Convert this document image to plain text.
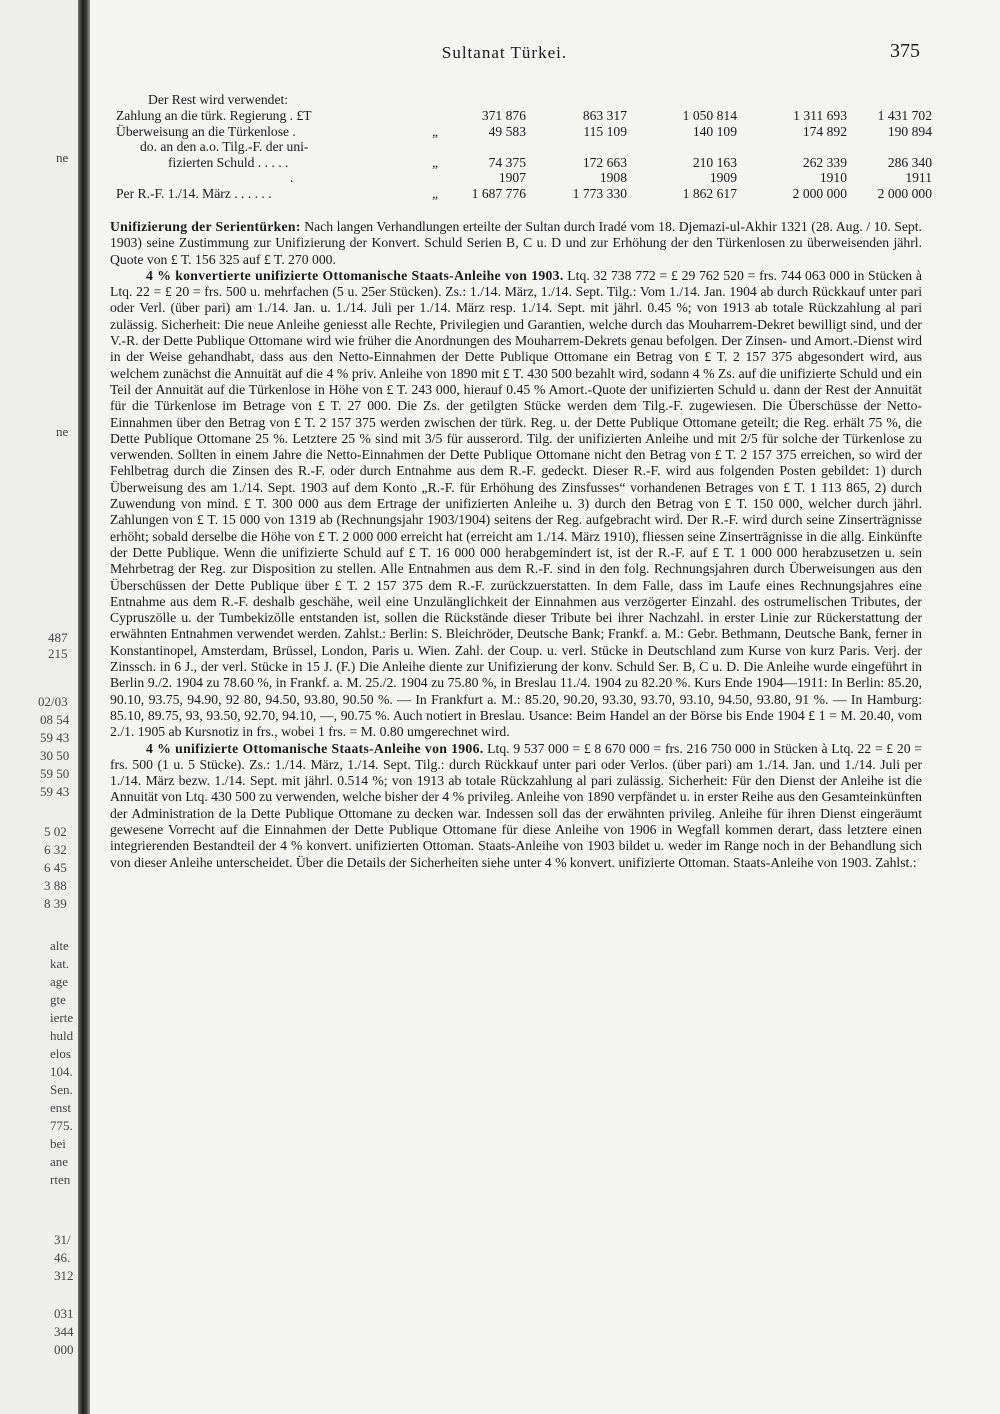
ne
ne
487
215
02/03
08 54
59 43
30 50
59 50
59 43
5 02
6 32
6 45
3 88
8 39
alte
kat.
age
gte
ierte
huld
elos
104.
Sen.
enst
775.
bei
ane
rten
31/
46.
312
031
344
000
Sultanat Türkei.	375
Der Rest wird verwendet:
Zahlung an die türk. Regierung . £T	371 876	863 317	1 050 814	1 311 693	1 431 702
Überweisung an die Türkenlose .	„	49 583	115 109	140 109	174 892	190 894
do. an den a.o. Tilg.-F. der uni-
fizierten Schuld . . . . .	„	74 375	172 663	210 163	262 339	286 340
.	1907	1908	1909	1910	1911
Per R.-F. 1./14. März . . . . . .	„	1 687 776	1 773 330	1 862 617	2 000 000	2 000 000

Unifizierung der Serientürken: Nach langen Verhandlungen erteilte der Sultan durch Iradé vom 18. Djemazi-ul-Akhir 1321 (28. Aug. / 10. Sept. 1903) seine Zustimmung zur Unifizierung der Konvert. Schuld Serien B, C u. D und zur Erhöhung der den Türkenlosen zu überweisenden jährl. Quote von £ T. 156 325 auf £ T. 270 000.

4 % konvertierte unifizierte Ottomanische Staats-Anleihe von 1903. Ltq. 32 738 772 = £ 29 762 520 = frs. 744 063 000 in Stücken à Ltq. 22 = £ 20 = frs. 500 u. mehrfachen (5 u. 25er Stücken). Zs.: 1./14. März, 1./14. Sept. Tilg.: Vom 1./14. Jan. 1904 ab durch Rückkauf unter pari oder Verl. (über pari) am 1./14. Jan. u. 1./14. Juli per 1./14. März resp. 1./14. Sept. mit jährl. 0.45 %; von 1913 ab totale Rückzahlung al pari zulässig. Sicherheit: Die neue Anleihe geniesst alle Rechte, Privilegien und Garantien, welche durch das Mouharrem-Dekret bewilligt sind, und der V.-R. der Dette Publique Ottomane wird wie früher die Anordnungen des Mouharrem-Dekrets genau befolgen. Der Zinsen- und Amort.-Dienst wird in der Weise gehandhabt, dass aus den Netto-Einnahmen der Dette Publique Ottomane ein Betrag von £ T. 2 157 375 abgesondert wird, aus welchem zunächst die Annuität auf die 4 % priv. Anleihe von 1890 mit £ T. 430 500 bezahlt wird, sodann 4 % Zs. auf die unifizierte Schuld und ein Teil der Annuität auf die Türkenlose in Höhe von £ T. 243 000, hierauf 0.45 % Amort.-Quote der unifizierten Schuld u. dann der Rest der Annuität für die Türkenlose im Betrage von £ T. 27 000. Die Zs. der getilgten Stücke werden dem Tilg.-F. zugewiesen. Die Überschüsse der Netto-Einnahmen über den Betrag von £ T. 2 157 375 werden zwischen der türk. Reg. u. der Dette Publique Ottomane geteilt; die Reg. erhält 75 %, die Dette Publique Ottomane 25 %. Letztere 25 % sind mit 3/5 für ausserord. Tilg. der unifizierten Anleihe und mit 2/5 für solche der Türkenlose zu verwenden. Sollten in einem Jahre die Netto-Einnahmen der Dette Publique Ottomane nicht den Betrag von £ T. 2 157 375 erreichen, so wird der Fehlbetrag durch die Zinsen des R.-F. oder durch Entnahme aus dem R.-F. gedeckt. Dieser R.-F. wird aus folgenden Posten gebildet: 1) durch Überweisung des am 1./14. Sept. 1903 auf dem Konto „R.-F. für Erhöhung des Zinsfusses“ vorhandenen Betrages von £ T. 1 113 865, 2) durch Zuwendung von mind. £ T. 300 000 aus dem Ertrage der unifizierten Anleihe u. 3) durch den Betrag von £ T. 150 000, welcher durch jährl. Zahlungen von £ T. 15 000 von 1319 ab (Rechnungsjahr 1903/1904) seitens der Reg. aufgebracht wird. Der R.-F. wird durch seine Zinserträgnisse erhöht; sobald derselbe die Höhe von £ T. 2 000 000 erreicht hat (erreicht am 1./14. März 1910), fliessen seine Zinserträgnisse in die allg. Einkünfte der Dette Publique. Wenn die unifizierte Schuld auf £ T. 16 000 000 herabgemindert ist, ist der R.-F. auf £ T. 1 000 000 herabzusetzen u. sein Mehrbetrag der Reg. zur Disposition zu stellen. Alle Entnahmen aus dem R.-F. sind in den folg. Rechnungsjahren durch Überweisungen aus den Überschüssen der Dette Publique über £ T. 2 157 375 dem R.-F. zurückzuerstatten. In dem Falle, dass im Laufe eines Rechnungsjahres eine Entnahme aus dem R.-F. deshalb geschähe, weil eine Unzulänglichkeit der Einnahmen aus verzögerter Einzahl. des ostrumelischen Tributes, der Cypruszölle u. der Tumbekizölle entstanden ist, sollen die Rückstände dieser Tribute bei ihrer Nachzahl. in erster Linie zur Rückerstattung der erwähnten Entnahmen verwendet werden. Zahlst.: Berlin: S. Bleichröder, Deutsche Bank; Frankf. a. M.: Gebr. Bethmann, Deutsche Bank, ferner in Konstantinopel, Amsterdam, Brüssel, London, Paris u. Wien. Zahl. der Coup. u. verl. Stücke in Deutschland zum Kurse von kurz Paris. Verj. der Zinssch. in 6 J., der verl. Stücke in 15 J. (F.) Die Anleihe diente zur Unifizierung der konv. Schuld Ser. B, C u. D. Die Anleihe wurde eingeführt in Berlin 9./2. 1904 zu 78.60 %, in Frankf. a. M. 25./2. 1904 zu 75.80 %, in Breslau 11./4. 1904 zu 82.20 %. Kurs Ende 1904—1911: In Berlin: 85.20, 90.10, 93.75, 94.90, 92 80, 94.50, 93.80, 90.50 %. — In Frankfurt a. M.: 85.20, 90.20, 93.30, 93.70, 93.10, 94.50, 93.80, 91 %. — In Hamburg: 85.10, 89.75, 93, 93.50, 92.70, 94.10, —, 90.75 %. Auch notiert in Breslau. Usance: Beim Handel an der Börse bis Ende 1904 £ 1 = M. 20.40, vom 2./1. 1905 ab Kursnotiz in frs., wobei 1 frs. = M. 0.80 umgerechnet wird.

4 % unifizierte Ottomanische Staats-Anleihe von 1906. Ltq. 9 537 000 = £ 8 670 000 = frs. 216 750 000 in Stücken à Ltq. 22 = £ 20 = frs. 500 (1 u. 5 Stücke). Zs.: 1./14. März, 1./14. Sept. Tilg.: durch Rückkauf unter pari oder Verlos. (über pari) am 1./14. Jan. und 1./14. Juli per 1./14. März bezw. 1./14. Sept. mit jährl. 0.514 %; von 1913 ab totale Rückzahlung al pari zulässig. Sicherheit: Für den Dienst der Anleihe ist die Annuität von Ltq. 430 500 zu verwenden, welche bisher der 4 % privileg. Anleihe von 1890 verpfändet u. in erster Reihe aus den Gesamteinkünften der Administration de la Dette Publique Ottomane zu decken war. Indessen soll das der erwähnten privileg. Anleihe für ihren Dienst eingeräumt gewesene Vorrecht auf die Einnahmen der Dette Publique Ottomane für diese Anleihe von 1906 in Wegfall kommen derart, dass letztere einen integrierenden Bestandteil der 4 % konvert. unifizierten Ottoman. Staats-Anleihe von 1903 bildet u. weder im Range noch in der Behandlung sich von dieser Anleihe unterscheidet. Über die Details der Sicherheiten siehe unter 4 % konvert. unifizierte Ottoman. Staats-Anleihe von 1903. Zahlst.:
